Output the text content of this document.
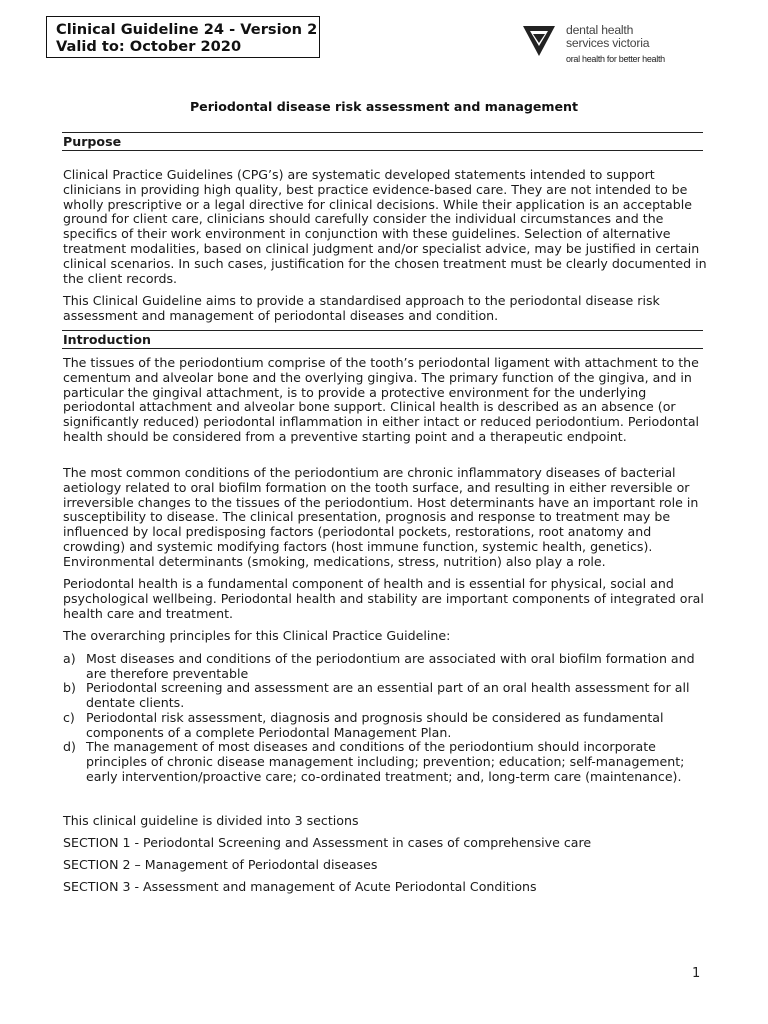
Clinical Guideline 24 - Version 2
Valid to: October 2020
dental health
services victoria
oral health for better health
Periodontal disease risk assessment and management
Purpose

Clinical Practice Guidelines (CPG’s) are systematic developed statements intended to support clinicians in providing high quality, best practice evidence-based care. They are not intended to be wholly prescriptive or a legal directive for clinical decisions. While their application is an acceptable ground for client care, clinicians should carefully consider the individual circumstances and the specifics of their work environment in conjunction with these guidelines. Selection of alternative treatment modalities, based on clinical judgment and/or specialist advice, may be justified in certain clinical scenarios. In such cases, justification for the chosen treatment must be clearly documented in the client records.

This Clinical Guideline aims to provide a standardised approach to the periodontal disease risk assessment and management of periodontal diseases and condition.

Introduction

The tissues of the periodontium comprise of the tooth’s periodontal ligament with attachment to the cementum and alveolar bone and the overlying gingiva. The primary function of the gingiva, and in particular the gingival attachment, is to provide a protective environment for the underlying periodontal attachment and alveolar bone support. Clinical health is described as an absence (or significantly reduced) periodontal inflammation in either intact or reduced periodontium. Periodontal health should be considered from a preventive starting point and a therapeutic endpoint.

The most common conditions of the periodontium are chronic inflammatory diseases of bacterial aetiology related to oral biofilm formation on the tooth surface, and resulting in either reversible or irreversible changes to the tissues of the periodontium. Host determinants have an important role in susceptibility to disease. The clinical presentation, prognosis and response to treatment may be influenced by local predisposing factors (periodontal pockets, restorations, root anatomy and crowding) and systemic modifying factors (host immune function, systemic health, genetics). Environmental determinants (smoking, medications, stress, nutrition) also play a role.

Periodontal health is a fundamental component of health and is essential for physical, social and psychological wellbeing. Periodontal health and stability are important components of integrated oral health care and treatment.

The overarching principles for this Clinical Practice Guideline:

a) Most diseases and conditions of the periodontium are associated with oral biofilm formation and are therefore preventable
b) Periodontal screening and assessment are an essential part of an oral health assessment for all dentate clients.
c) Periodontal risk assessment, diagnosis and prognosis should be considered as fundamental components of a complete Periodontal Management Plan.
d) The management of most diseases and conditions of the periodontium should incorporate principles of chronic disease management including; prevention; education; self-management; early intervention/proactive care; co-ordinated treatment; and, long-term care (maintenance).

This clinical guideline is divided into 3 sections

SECTION 1 - Periodontal Screening and Assessment in cases of comprehensive care

SECTION 2 – Management of Periodontal diseases

SECTION 3 - Assessment and management of Acute Periodontal Conditions

1
